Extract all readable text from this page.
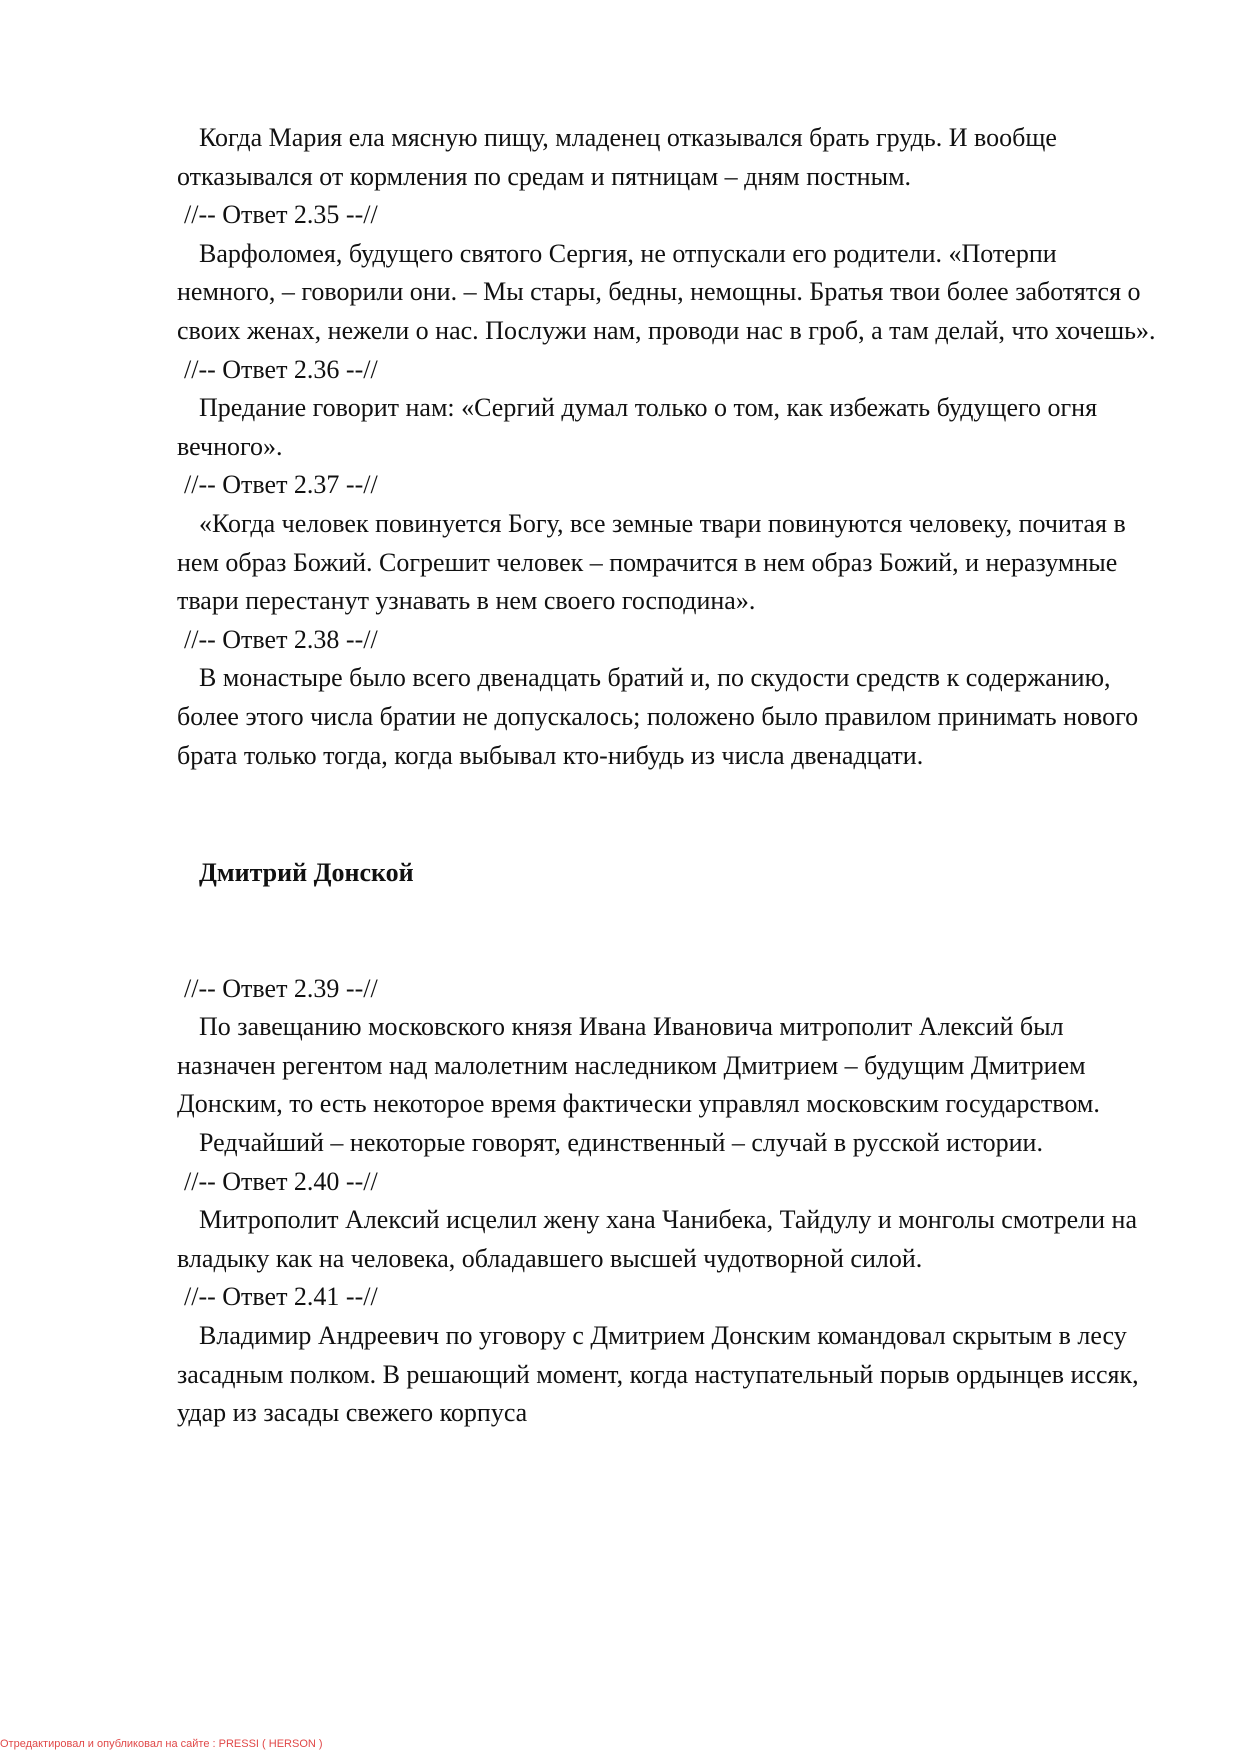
Когда Мария ела мясную пищу, младенец отказывался брать грудь. И вообще отказывался от кормления по средам и пятницам – дням постным.

//-- Ответ 2.35 --//

Варфоломея, будущего святого Сергия, не отпускали его родители. «Потерпи немного, – говорили они. – Мы стары, бедны, немощны. Братья твои более заботятся о своих женах, нежели о нас. Послужи нам, проводи нас в гроб, а там делай, что хочешь».

//-- Ответ 2.36 --//

Предание говорит нам: «Сергий думал только о том, как избежать будущего огня вечного».

//-- Ответ 2.37 --//

«Когда человек повинуется Богу, все земные твари повинуются человеку, почитая в нем образ Божий. Согрешит человек – помрачится в нем образ Божий, и неразумные твари перестанут узнавать в нем своего господина».

//-- Ответ 2.38 --//

В монастыре было всего двенадцать братий и, по скудости средств к содержанию, более этого числа братии не допускалось; положено было правилом принимать нового брата только тогда, когда выбывал кто-нибудь из числа двенадцати.

Дмитрий Донской

//-- Ответ 2.39 --//

По завещанию московского князя Ивана Ивановича митрополит Алексий был назначен регентом над малолетним наследником Дмитрием – будущим Дмитрием Донским, то есть некоторое время фактически управлял московским государством.

Редчайший – некоторые говорят, единственный – случай в русской истории.

//-- Ответ 2.40 --//

Митрополит Алексий исцелил жену хана Чанибека, Тайдулу и монголы смотрели на владыку как на человека, обладавшего высшей чудотворной силой.

//-- Ответ 2.41 --//

Владимир Андреевич по уговору с Дмитрием Донским командовал скрытым в лесу засадным полком. В решающий момент, когда наступательный порыв ордынцев иссяк, удар из засады свежего корпуса

Отредактировал и опубликовал на сайте : PRESSI ( HERSON )
